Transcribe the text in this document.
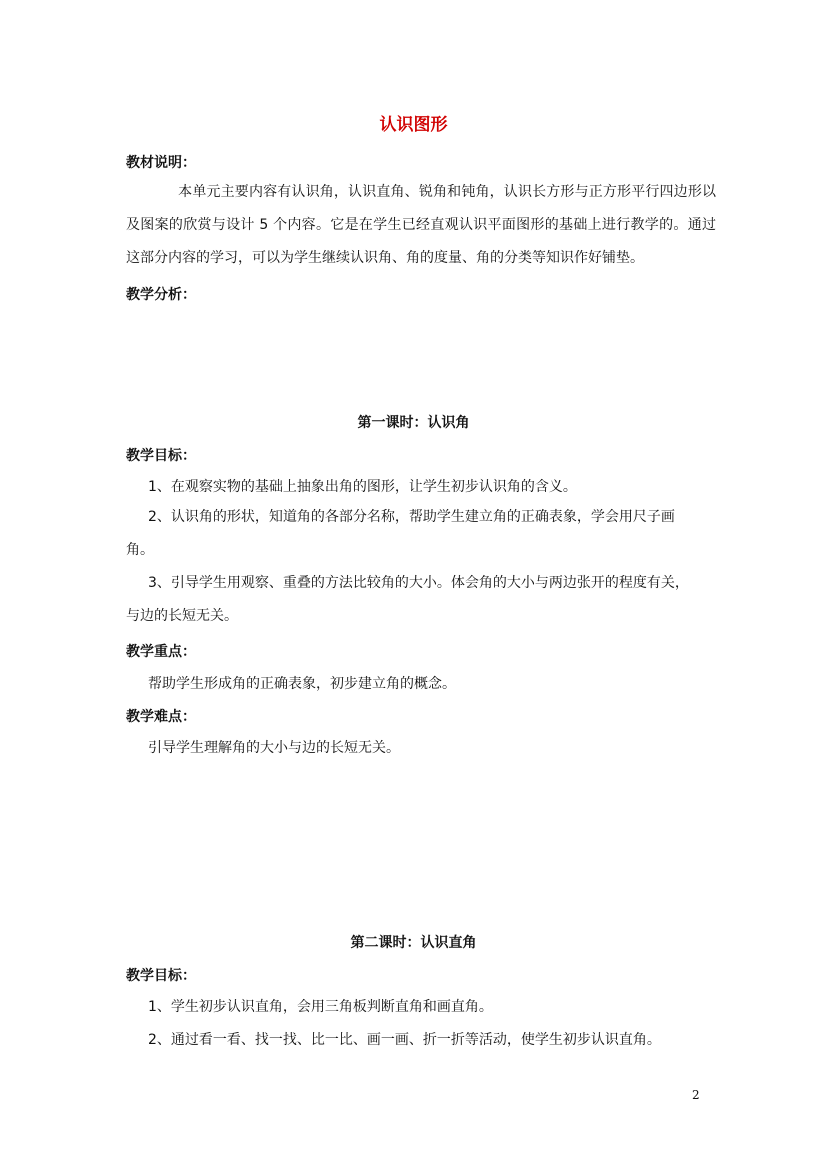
认识图形
教材说明：
本单元主要内容有认识角，认识直角、锐角和钝角，认识长方形与正方形平行四边形以及图案的欣赏与设计 5 个内容。它是在学生已经直观认识平面图形的基础上进行教学的。通过这部分内容的学习，可以为学生继续认识角、角的度量、角的分类等知识作好铺垫。
教学分析：
第一课时：认识角
教学目标：
1、在观察实物的基础上抽象出角的图形，让学生初步认识角的含义。
2、认识角的形状，知道角的各部分名称，帮助学生建立角的正确表象，学会用尺子画角。
3、引导学生用观察、重叠的方法比较角的大小。体会角的大小与两边张开的程度有关，与边的长短无关。
教学重点：
帮助学生形成角的正确表象，初步建立角的概念。
教学难点：
引导学生理解角的大小与边的长短无关。
第二课时：认识直角
教学目标：
1、学生初步认识直角，会用三角板判断直角和画直角。
2、通过看一看、找一找、比一比、画一画、折一折等活动，使学生初步认识直角。
2
